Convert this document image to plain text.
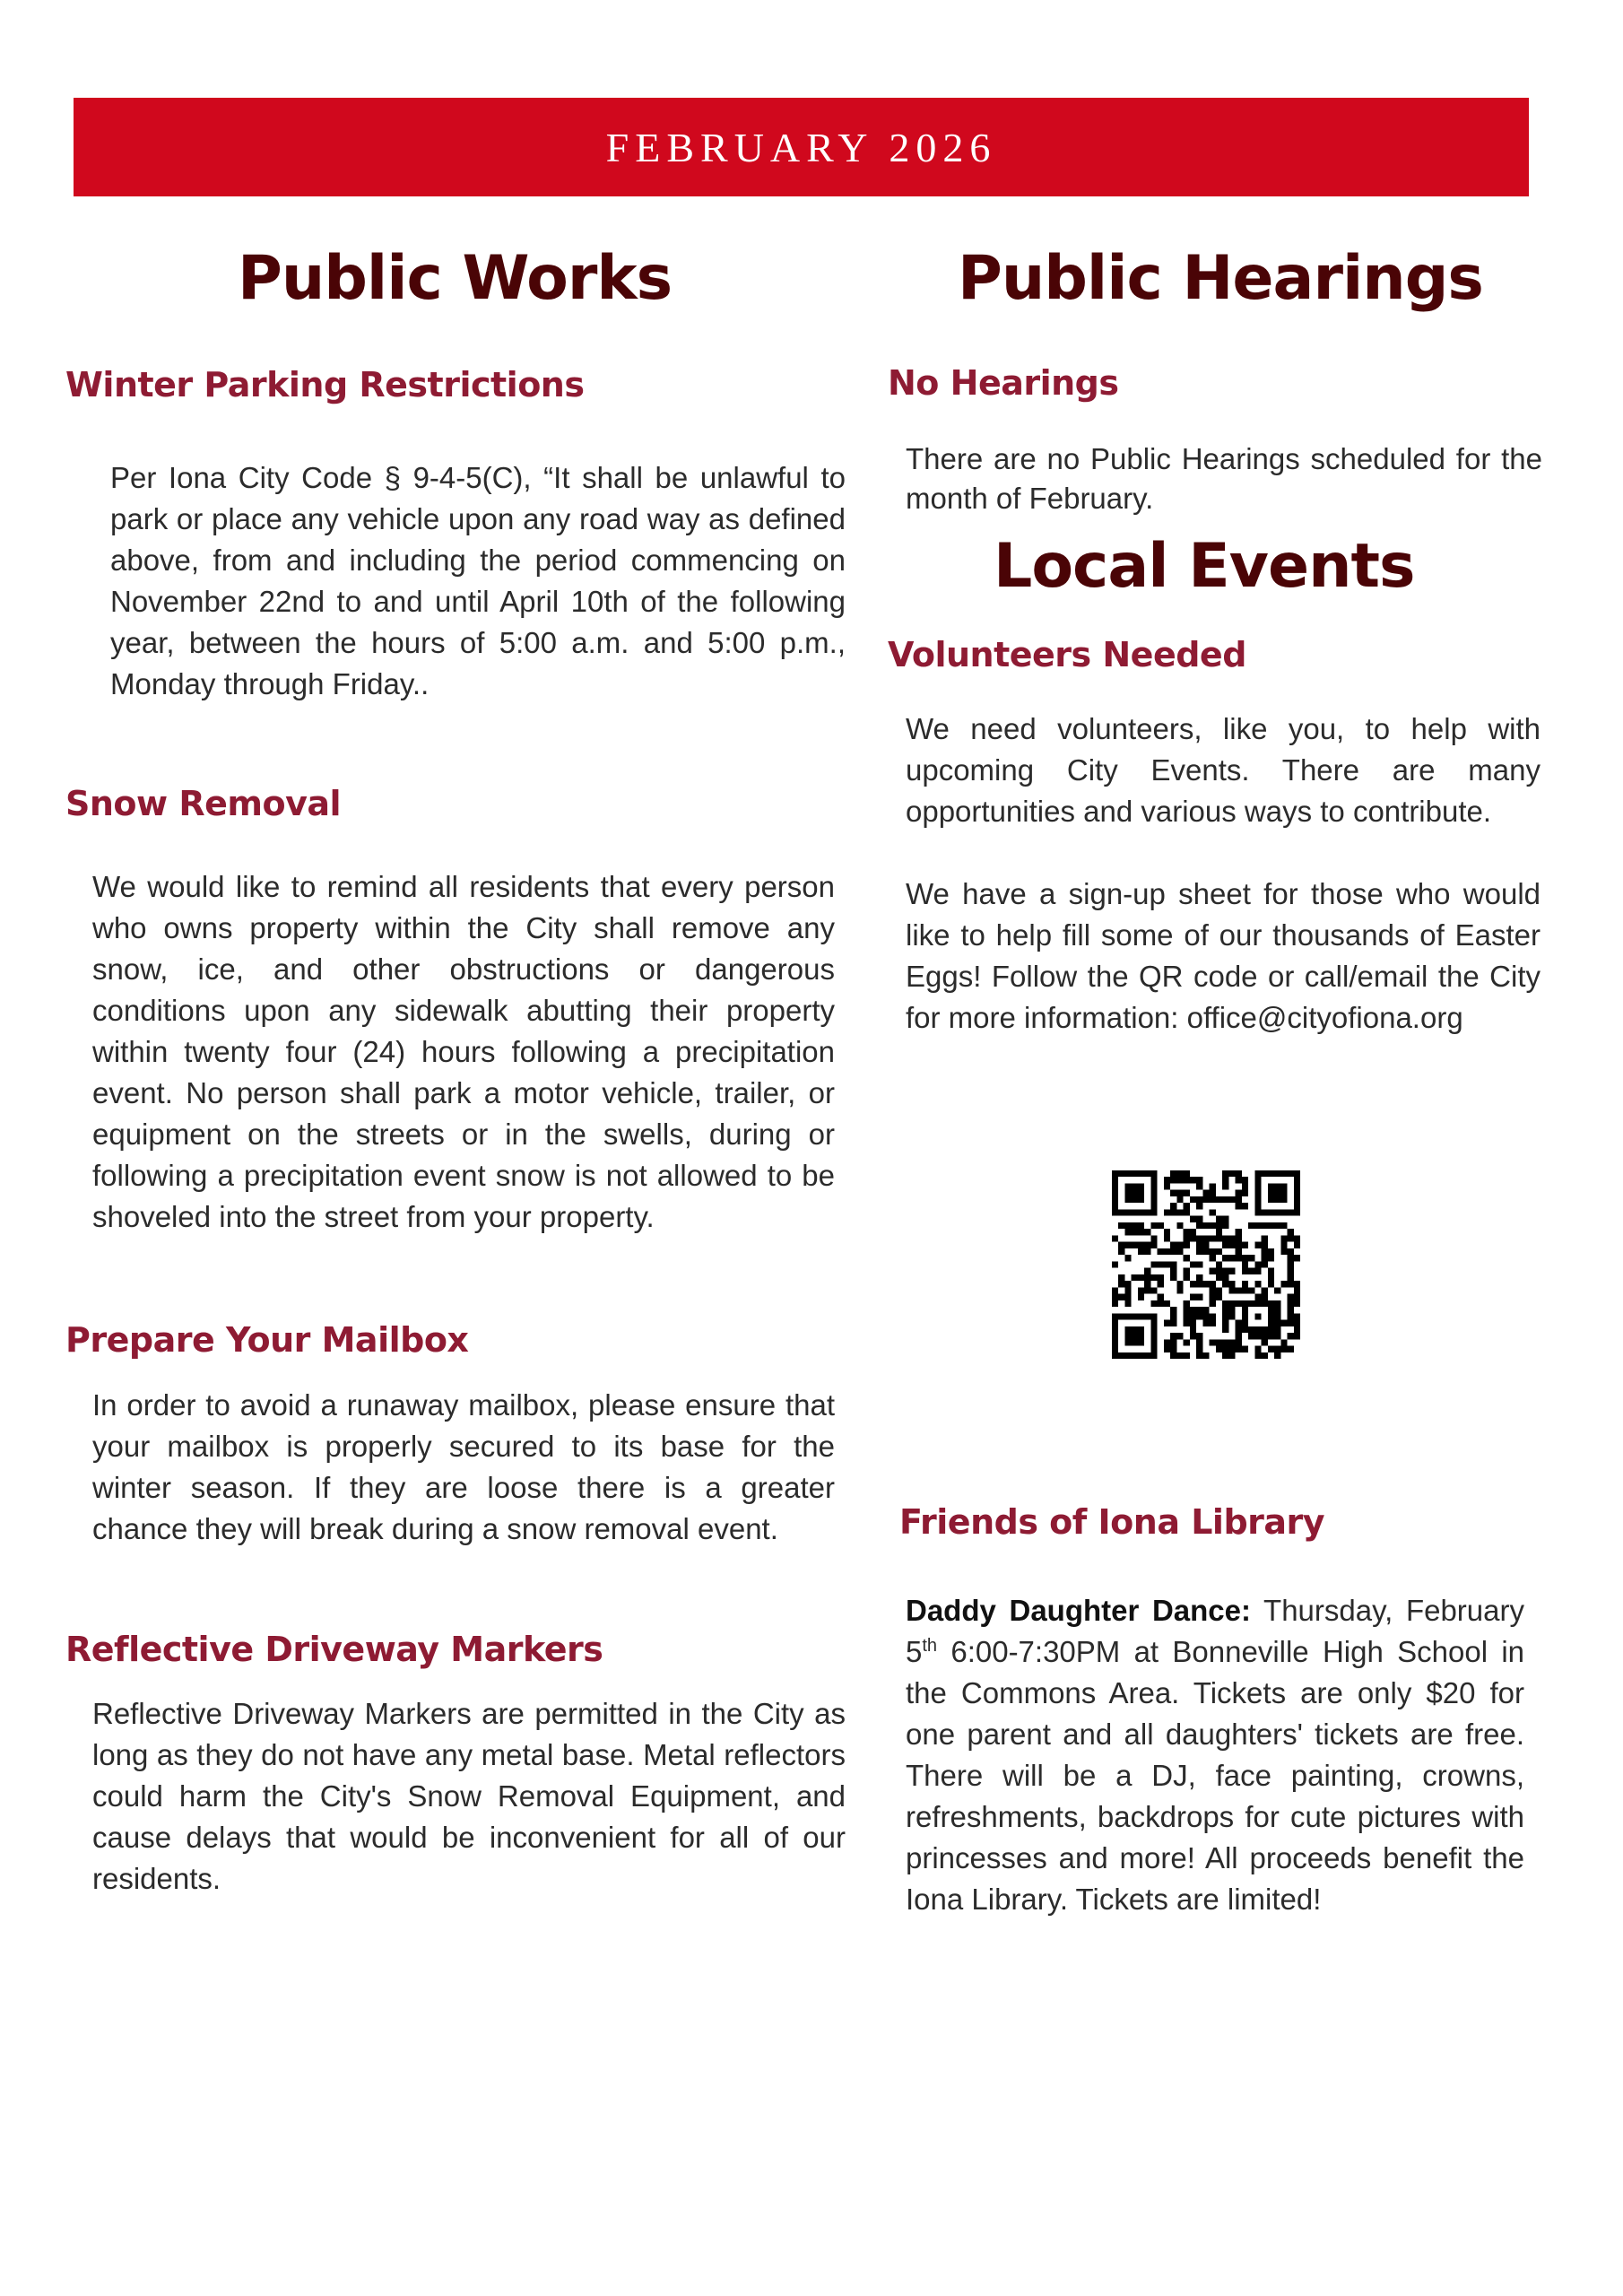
FEBRUARY 2026
Public Works
Winter Parking Restrictions

Per Iona City Code § 9-4-5(C), “It shall be unlawful to park or place any vehicle upon any road way as defined above, from and including the period commencing on November 22nd to and until April 10th of the following year, between the hours of 5:00 a.m. and 5:00 p.m., Monday through Friday..

Snow Removal

We would like to remind all residents that every person who owns property within the City shall remove any snow, ice, and other obstructions or dangerous conditions upon any sidewalk abutting their property within twenty four (24) hours following a precipitation event. No person shall park a motor vehicle, trailer, or equipment on the streets or in the swells, during or following a precipitation event snow is not allowed to be shoveled into the street from your property.

Prepare Your Mailbox

In order to avoid a runaway mailbox, please ensure that your mailbox is properly secured to its base for the winter season. If they are loose there is a greater chance they will break during a snow removal event.

Reflective Driveway Markers

Reflective Driveway Markers are permitted in the City as long as they do not have any metal base. Metal reflectors could harm the City's Snow Removal Equipment, and cause delays that would be inconvenient for all of our residents.

Public Hearings
No Hearings

There are no Public Hearings scheduled for the month of February.

Local Events
Volunteers Needed

We need volunteers, like you, to help with upcoming City Events. There are many opportunities and various ways to contribute.

We have a sign-up sheet for those who would like to help fill some of our thousands of Easter Eggs! Follow the QR code or call/email the City for more information: office@cityofiona.org

Friends of Iona Library

Daddy Daughter Dance: Thursday, February 5th 6:00-7:30PM at Bonneville High School in the Commons Area. Tickets are only $20 for one parent and all daughters' tickets are free. There will be a DJ, face painting, crowns, refreshments, backdrops for cute pictures with princesses and more! All proceeds benefit the Iona Library. Tickets are limited!
